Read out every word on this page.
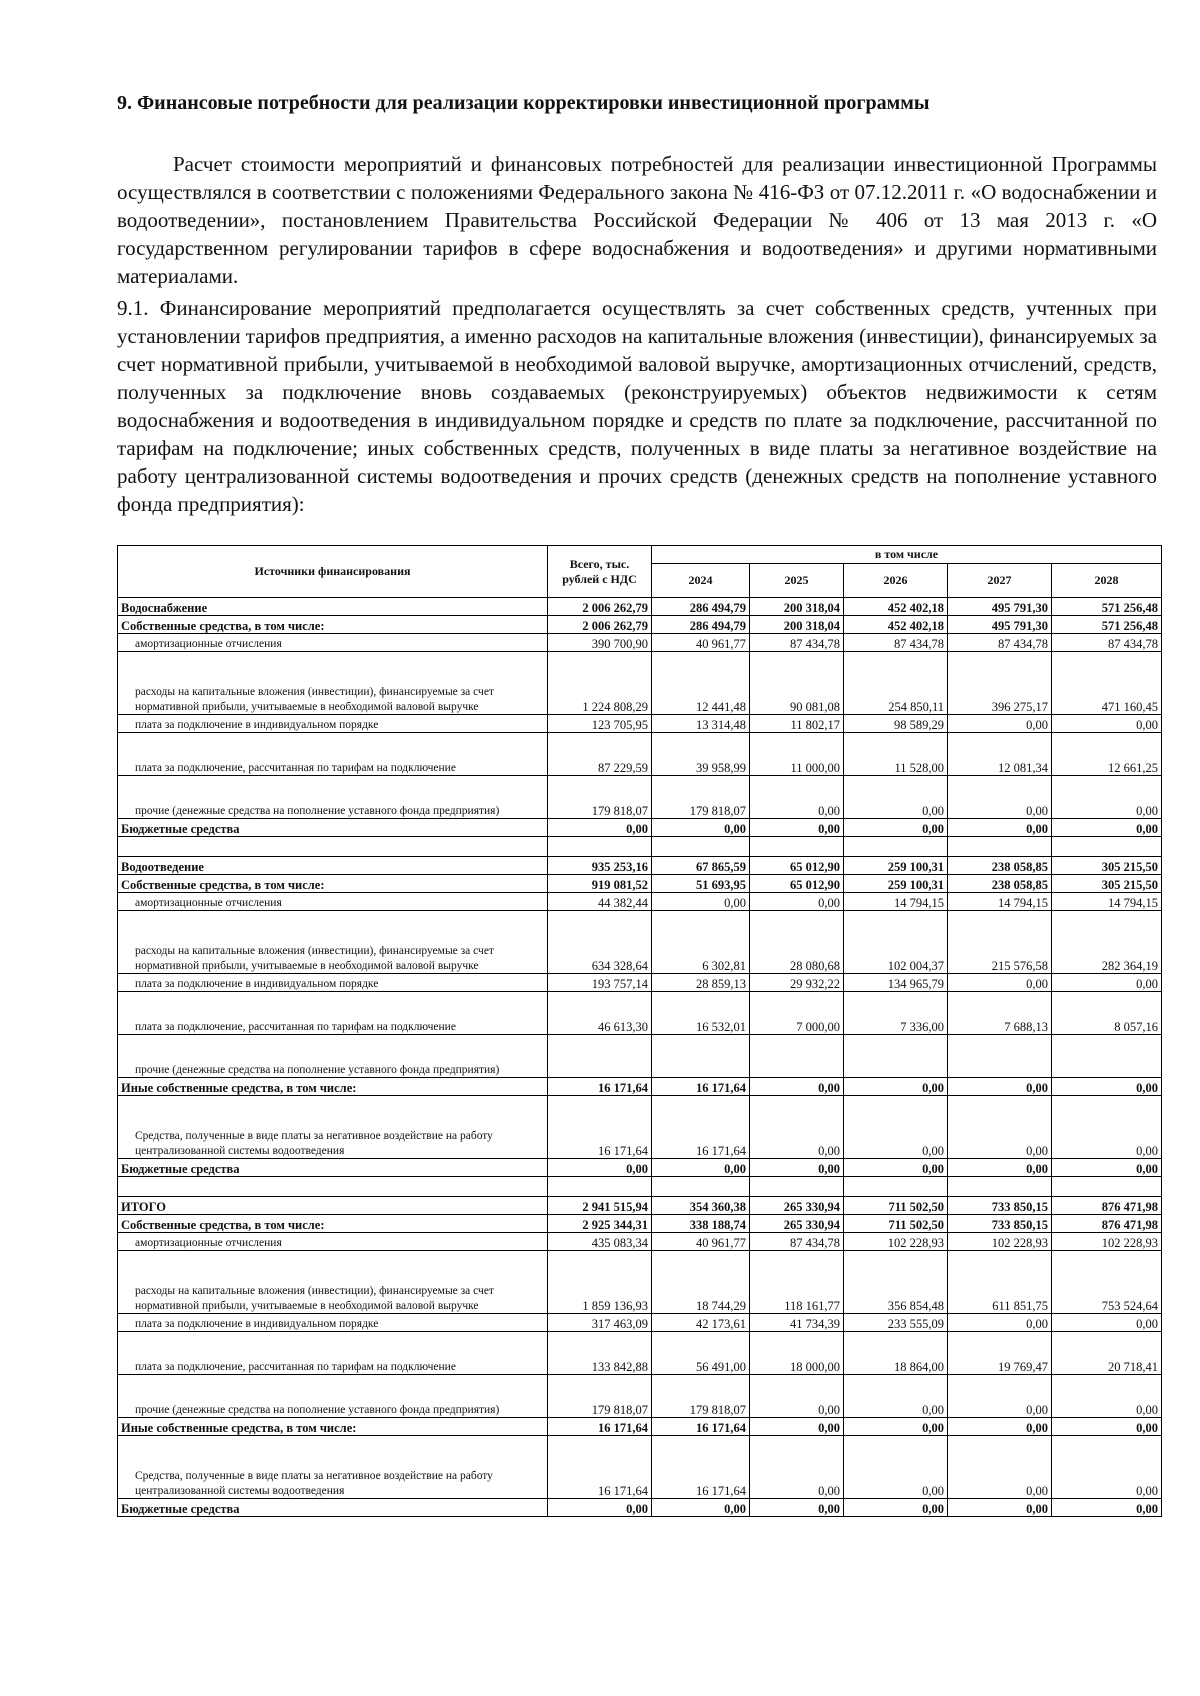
9. Финансовые потребности для реализации корректировки инвестиционной программы

Расчет стоимости мероприятий и финансовых потребностей для реализации инвестиционной Программы осуществлялся в соответствии с положениями Федерального закона № 416-ФЗ от 07.12.2011 г. «О водоснабжении и водоотведении», постановлением Правительства Российской Федерации № 406 от 13 мая 2013 г. «О государственном регулировании тарифов в сфере водоснабжения и водоотведения» и другими нормативными материалами.

9.1. Финансирование мероприятий предполагается осуществлять за счет собственных средств, учтенных при установлении тарифов предприятия, а именно расходов на капитальные вложения (инвестиции), финансируемых за счет нормативной прибыли, учитываемой в необходимой валовой выручке, амортизационных отчислений, средств, полученных за подключение вновь создаваемых (реконструируемых) объектов недвижимости к сетям водоснабжения и водоотведения в индивидуальном порядке и средств по плате за подключение, рассчитанной по тарифам на подключение; иных собственных средств, полученных в виде платы за негативное воздействие на работу централизованной системы водоотведения и прочих средств (денежных средств на пополнение уставного фонда предприятия):

Источники финансирования	Всего, тыс. рублей с НДС	в том числе				
		2024	2025	2026	2027	2028
Водоснабжение	2 006 262,79	286 494,79	200 318,04	452 402,18	495 791,30	571 256,48
Собственные средства, в том числе:	2 006 262,79	286 494,79	200 318,04	452 402,18	495 791,30	571 256,48
амортизационные отчисления	390 700,90	40 961,77	87 434,78	87 434,78	87 434,78	87 434,78
расходы на капитальные вложения (инвестиции), финансируемые за счет нормативной прибыли, учитываемые в необходимой валовой выручке	1 224 808,29	12 441,48	90 081,08	254 850,11	396 275,17	471 160,45
плата за подключение в индивидуальном порядке	123 705,95	13 314,48	11 802,17	98 589,29	0,00	0,00
плата за подключение, рассчитанная по тарифам на подключение	87 229,59	39 958,99	11 000,00	11 528,00	12 081,34	12 661,25
прочие (денежные средства на пополнение уставного фонда предприятия)	179 818,07	179 818,07	0,00	0,00	0,00	0,00
Бюджетные средства	0,00	0,00	0,00	0,00	0,00	0,00

Водоотведение	935 253,16	67 865,59	65 012,90	259 100,31	238 058,85	305 215,50
Собственные средства, в том числе:	919 081,52	51 693,95	65 012,90	259 100,31	238 058,85	305 215,50
амортизационные отчисления	44 382,44	0,00	0,00	14 794,15	14 794,15	14 794,15
расходы на капитальные вложения (инвестиции), финансируемые за счет нормативной прибыли, учитываемые в необходимой валовой выручке	634 328,64	6 302,81	28 080,68	102 004,37	215 576,58	282 364,19
плата за подключение в индивидуальном порядке	193 757,14	28 859,13	29 932,22	134 965,79	0,00	0,00
плата за подключение, рассчитанная по тарифам на подключение	46 613,30	16 532,01	7 000,00	7 336,00	7 688,13	8 057,16
прочие (денежные средства на пополнение уставного фонда предприятия)						
Иные собственные средства, в том числе:	16 171,64	16 171,64	0,00	0,00	0,00	0,00
Средства, полученные в виде платы за негативное воздействие на работу централизованной системы водоотведения	16 171,64	16 171,64	0,00	0,00	0,00	0,00
Бюджетные средства	0,00	0,00	0,00	0,00	0,00	0,00

ИТОГО	2 941 515,94	354 360,38	265 330,94	711 502,50	733 850,15	876 471,98
Собственные средства, в том числе:	2 925 344,31	338 188,74	265 330,94	711 502,50	733 850,15	876 471,98
амортизационные отчисления	435 083,34	40 961,77	87 434,78	102 228,93	102 228,93	102 228,93
расходы на капитальные вложения (инвестиции), финансируемые за счет нормативной прибыли, учитываемые в необходимой валовой выручке	1 859 136,93	18 744,29	118 161,77	356 854,48	611 851,75	753 524,64
плата за подключение в индивидуальном порядке	317 463,09	42 173,61	41 734,39	233 555,09	0,00	0,00
плата за подключение, рассчитанная по тарифам на подключение	133 842,88	56 491,00	18 000,00	18 864,00	19 769,47	20 718,41
прочие (денежные средства на пополнение уставного фонда предприятия)	179 818,07	179 818,07	0,00	0,00	0,00	0,00
Иные собственные средства, в том числе:	16 171,64	16 171,64	0,00	0,00	0,00	0,00
Средства, полученные в виде платы за негативное воздействие на работу централизованной системы водоотведения	16 171,64	16 171,64	0,00	0,00	0,00	0,00
Бюджетные средства	0,00	0,00	0,00	0,00	0,00	0,00
